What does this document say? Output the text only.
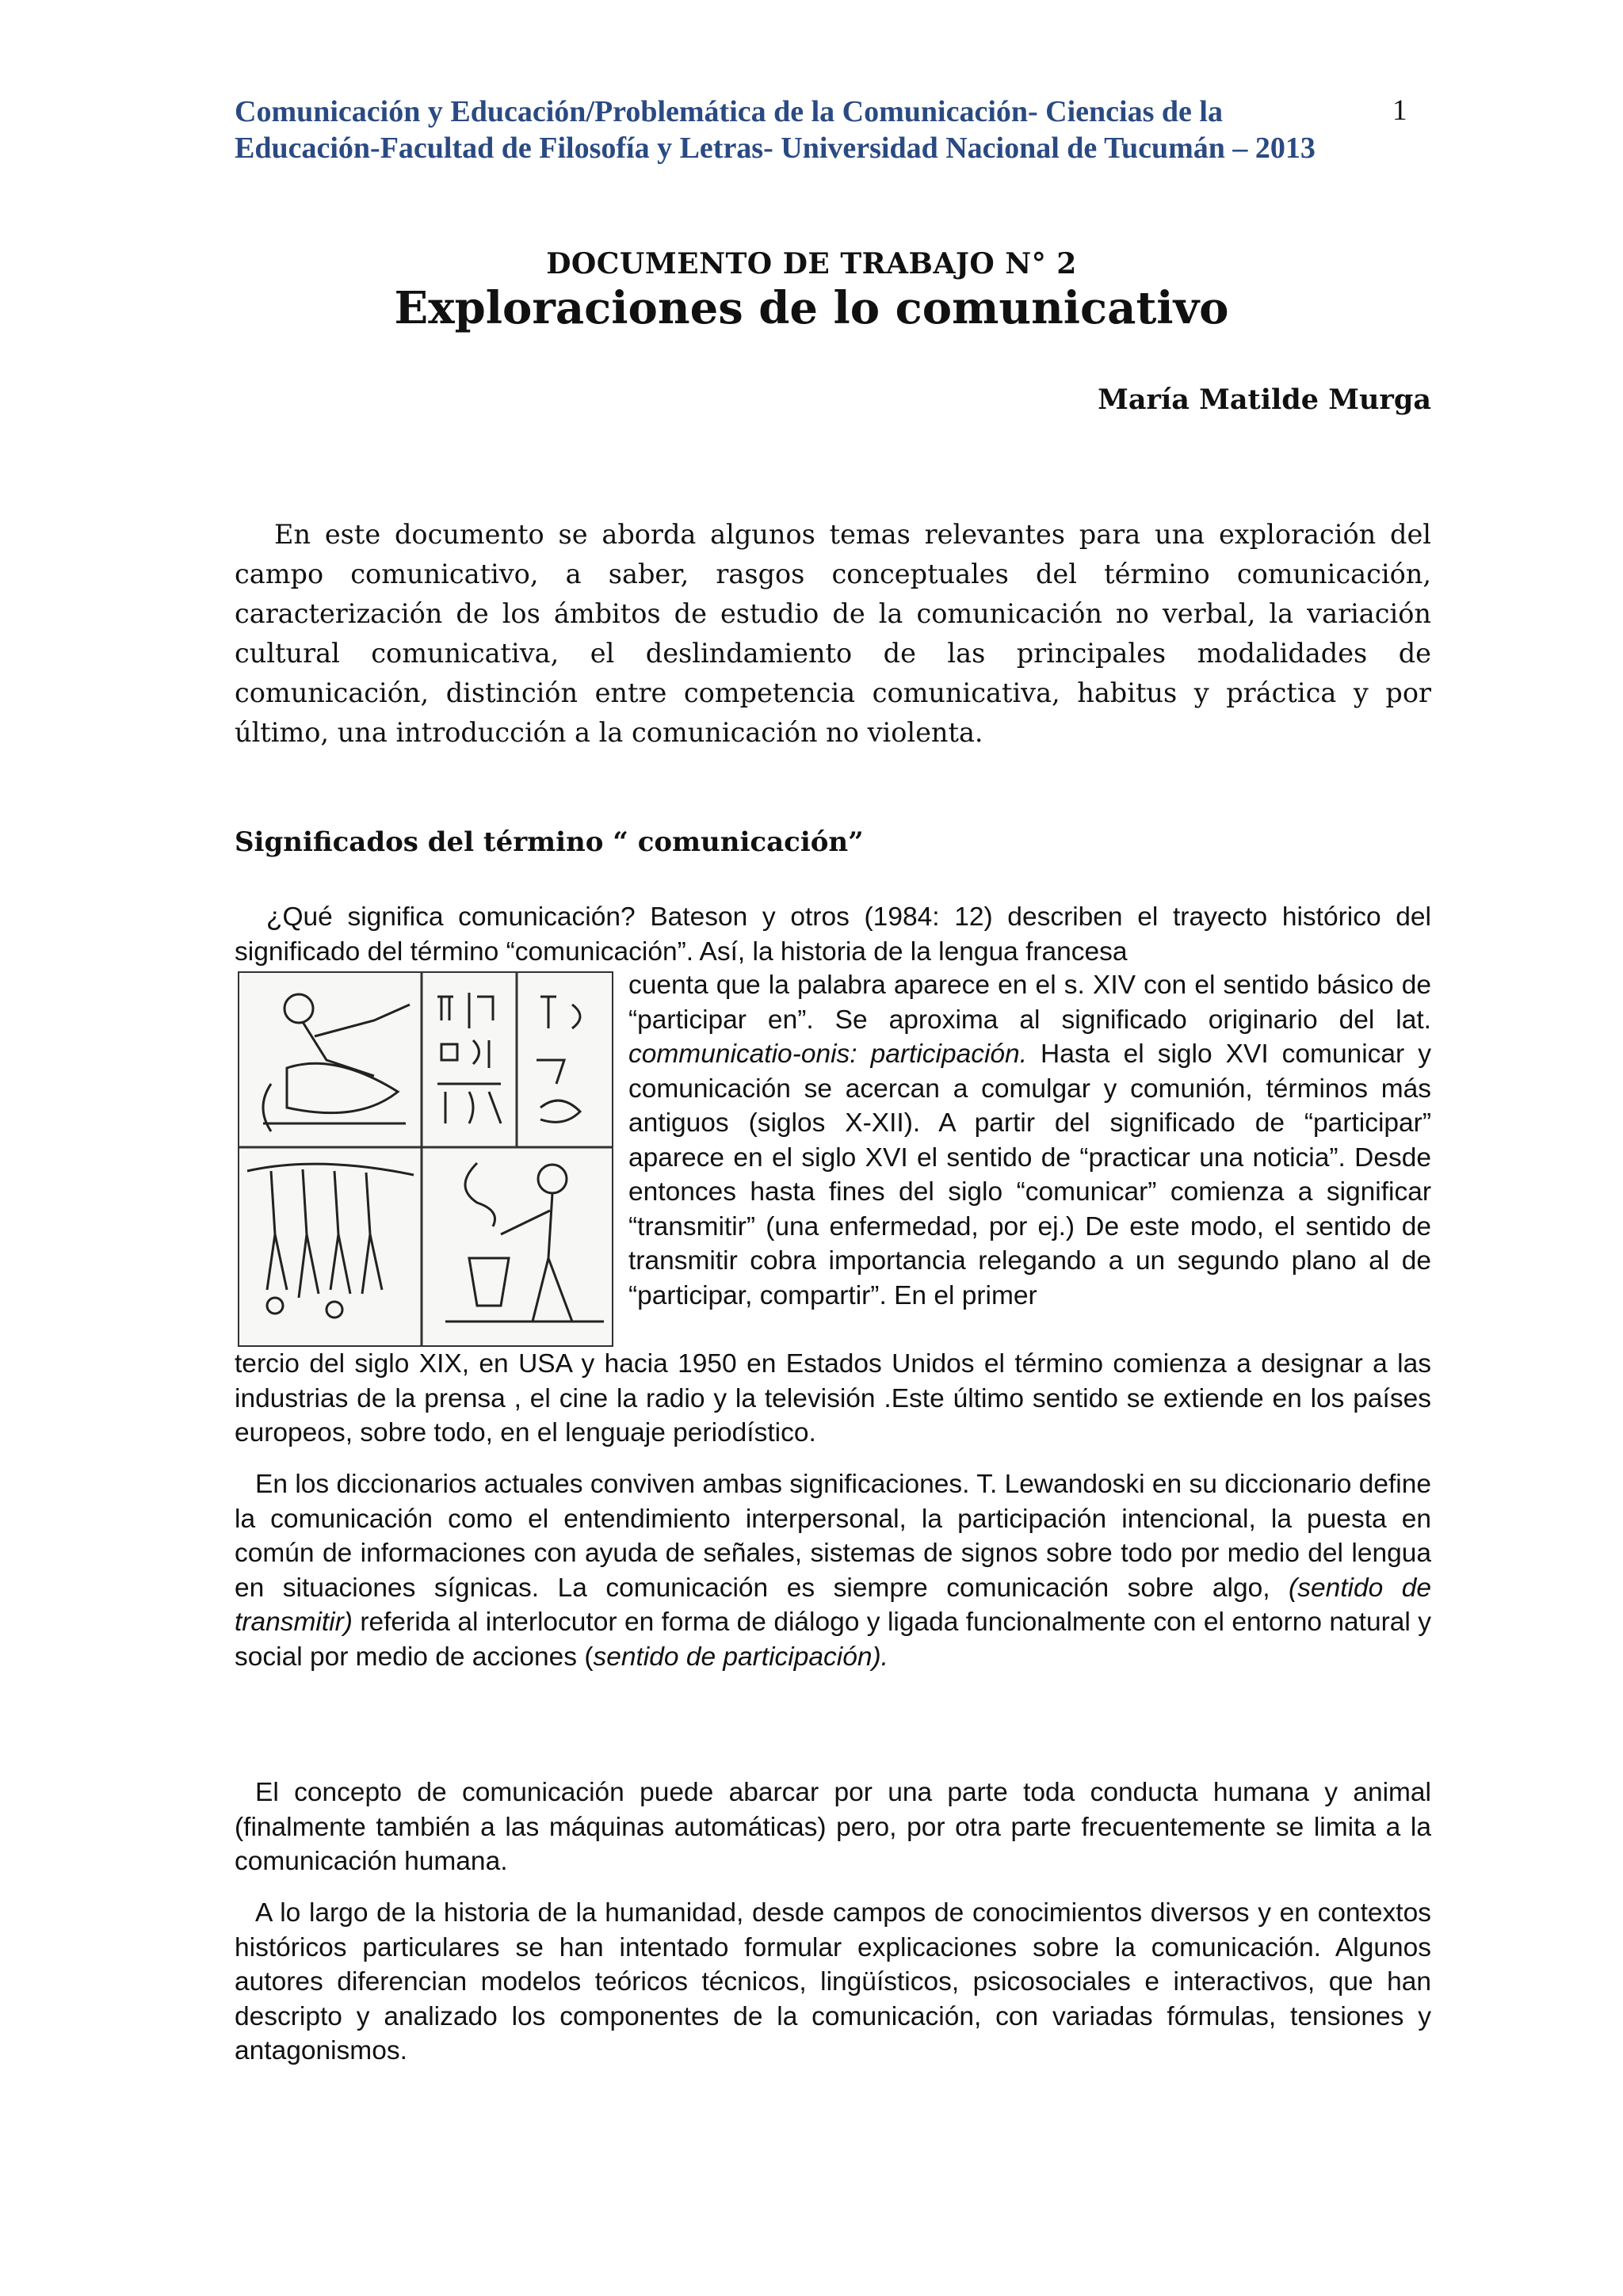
Comunicación y Educación/Problemática de la Comunicación- Ciencias de la Educación-Facultad de Filosofía y Letras- Universidad Nacional de Tucumán – 2013
1
DOCUMENTO DE TRABAJO N° 2
Exploraciones de lo comunicativo
María Matilde Murga
En este documento se aborda algunos temas relevantes para una exploración del campo comunicativo, a saber, rasgos conceptuales del término comunicación, caracterización de los ámbitos de estudio de la comunicación no verbal, la variación cultural comunicativa, el deslindamiento de las principales modalidades de comunicación, distinción entre competencia comunicativa, habitus y práctica y por último, una introducción a la comunicación no violenta.
Significados del término “ comunicación”
¿Qué significa comunicación? Bateson y otros (1984: 12) describen el trayecto histórico del significado del término “comunicación”. Así, la historia de la lengua francesa
cuenta que la palabra aparece en el s. XIV con el sentido básico de “participar en”. Se aproxima al significado originario del lat. communicatio-onis: participación. Hasta el siglo XVI comunicar y comunicación se acercan a comulgar y comunión, términos más antiguos (siglos X-XII). A partir del significado de “participar” aparece en el siglo XVI el sentido de “practicar una noticia”. Desde entonces hasta fines del siglo “comunicar” comienza a significar “transmitir” (una enfermedad, por ej.) De este modo, el sentido de transmitir cobra importancia relegando a un segundo plano al de “participar, compartir”. En el primer
tercio del siglo XIX, en USA y hacia 1950 en Estados Unidos el término comienza a designar a las industrias de la prensa , el cine la radio y la televisión .Este último sentido se extiende en los países europeos, sobre todo, en el lenguaje periodístico.
En los diccionarios actuales conviven ambas significaciones. T. Lewandoski en su diccionario define la comunicación como el entendimiento interpersonal, la participación intencional, la puesta en común de informaciones con ayuda de señales, sistemas de signos sobre todo por medio del lengua en situaciones sígnicas. La comunicación es siempre comunicación sobre algo, (sentido de transmitir) referida al interlocutor en forma de diálogo y ligada funcionalmente con el entorno natural y social por medio de acciones (sentido de participación).
El concepto de comunicación puede abarcar por una parte toda conducta humana y animal (finalmente también a las máquinas automáticas) pero, por otra parte frecuentemente se limita a la comunicación humana.
A lo largo de la historia de la humanidad, desde campos de conocimientos diversos y en contextos históricos particulares se han intentado formular explicaciones sobre la comunicación. Algunos autores diferencian modelos teóricos técnicos, lingüísticos, psicosociales e interactivos, que han descripto y analizado los componentes de la comunicación, con variadas fórmulas, tensiones y antagonismos.
